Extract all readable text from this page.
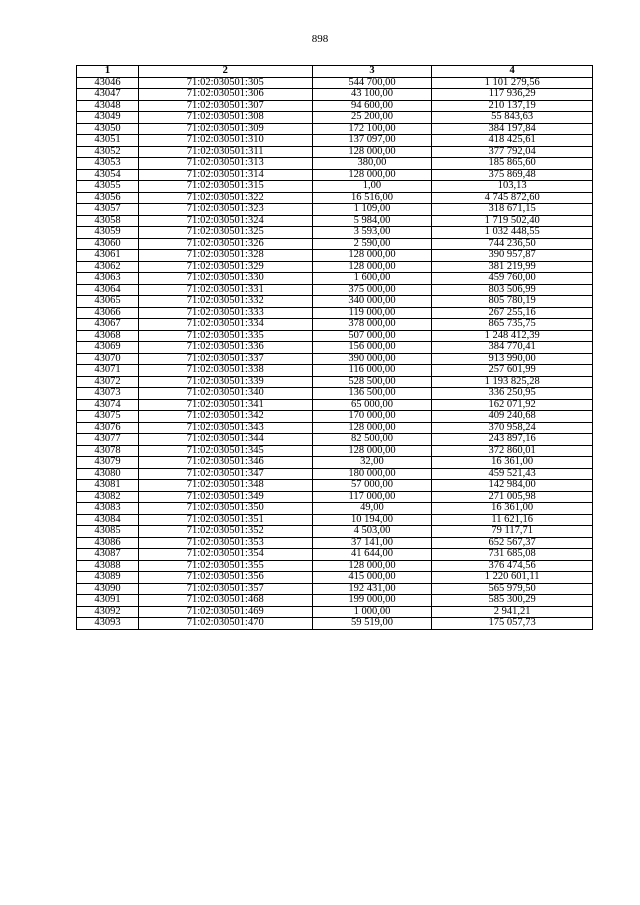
898
1	2	3	4
43046	71:02:030501:305	544 700,00	1 101 279,56
43047	71:02:030501:306	43 100,00	117 936,29
43048	71:02:030501:307	94 600,00	210 137,19
43049	71:02:030501:308	25 200,00	55 843,63
43050	71:02:030501:309	172 100,00	384 197,84
43051	71:02:030501:310	137 097,00	418 425,61
43052	71:02:030501:311	128 000,00	377 792,04
43053	71:02:030501:313	380,00	185 865,60
43054	71:02:030501:314	128 000,00	375 869,48
43055	71:02:030501:315	1,00	103,13
43056	71:02:030501:322	16 516,00	4 745 872,60
43057	71:02:030501:323	1 109,00	318 671,15
43058	71:02:030501:324	5 984,00	1 719 502,40
43059	71:02:030501:325	3 593,00	1 032 448,55
43060	71:02:030501:326	2 590,00	744 236,50
43061	71:02:030501:328	128 000,00	390 957,87
43062	71:02:030501:329	128 000,00	381 219,99
43063	71:02:030501:330	1 600,00	459 760,00
43064	71:02:030501:331	375 000,00	803 506,99
43065	71:02:030501:332	340 000,00	805 780,19
43066	71:02:030501:333	119 000,00	267 255,16
43067	71:02:030501:334	378 000,00	865 735,75
43068	71:02:030501:335	507 000,00	1 248 412,39
43069	71:02:030501:336	156 000,00	384 770,41
43070	71:02:030501:337	390 000,00	913 990,00
43071	71:02:030501:338	116 000,00	257 601,99
43072	71:02:030501:339	528 500,00	1 193 825,28
43073	71:02:030501:340	136 500,00	336 250,95
43074	71:02:030501:341	65 000,00	162 071,92
43075	71:02:030501:342	170 000,00	409 240,68
43076	71:02:030501:343	128 000,00	370 958,24
43077	71:02:030501:344	82 500,00	243 897,16
43078	71:02:030501:345	128 000,00	372 860,01
43079	71:02:030501:346	32,00	16 361,00
43080	71:02:030501:347	180 000,00	459 521,43
43081	71:02:030501:348	57 000,00	142 984,00
43082	71:02:030501:349	117 000,00	271 005,98
43083	71:02:030501:350	49,00	16 361,00
43084	71:02:030501:351	10 194,00	11 621,16
43085	71:02:030501:352	4 503,00	79 117,71
43086	71:02:030501:353	37 141,00	652 567,37
43087	71:02:030501:354	41 644,00	731 685,08
43088	71:02:030501:355	128 000,00	376 474,56
43089	71:02:030501:356	415 000,00	1 220 601,11
43090	71:02:030501:357	192 431,00	565 979,50
43091	71:02:030501:468	199 000,00	585 300,29
43092	71:02:030501:469	1 000,00	2 941,21
43093	71:02:030501:470	59 519,00	175 057,73
